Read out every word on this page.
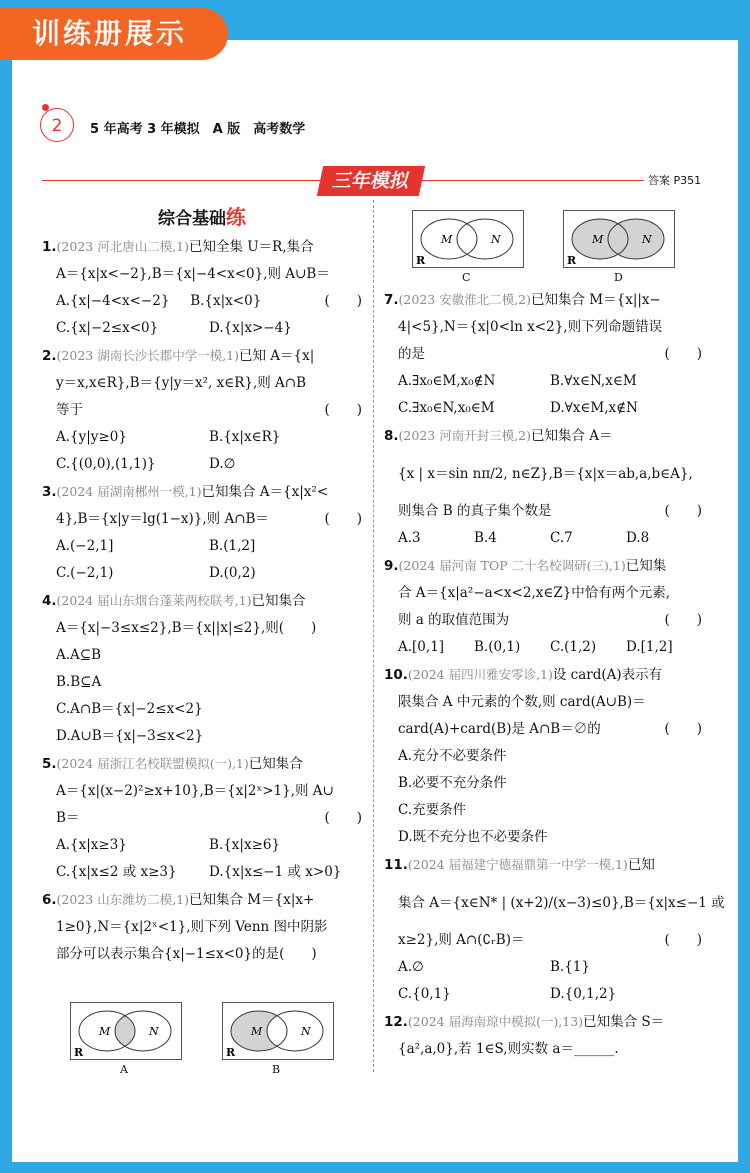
训练册展示
2	5 年高考 3 年模拟　A 版　高考数学
三年模拟	答案 P351
综合基础练
1.(2023 河北唐山二模,1)已知全集 U＝R,集合
A＝{x|x<−2},B＝{x|−4<x<0},则 A∪B＝
(　　)
A.{x|−4<x<−2}	B.{x|x<0}
C.{x|−2≤x<0}	D.{x|x>−4}
2.(2023 湖南长沙长郡中学一模,1)已知 A＝{x|
y＝x,x∈R},B＝{y|y＝x², x∈R},则 A∩B
等于	(　　)
A.{y|y≥0}	B.{x|x∈R}
C.{(0,0),(1,1)}	D.∅
3.(2024 届湖南郴州一模,1)已知集合 A＝{x|x²<
4},B＝{x|y＝lg(1−x)},则 A∩B＝	(　　)
A.(−2,1]	B.(1,2]
C.(−2,1)	D.(0,2)
4.(2024 届山东烟台蓬莱两校联考,1)已知集合
A＝{x|−3≤x≤2},B＝{x||x|≤2},则(　　)
A.A⊆B
B.B⊆A
C.A∩B＝{x|−2≤x<2}
D.A∪B＝{x|−3≤x<2}
5.(2024 届浙江名校联盟模拟(一),1)已知集合
A＝{x|(x−2)²≥x+10},B＝{x|2ˣ>1},则 A∪
B＝	(　　)
A.{x|x≥3}	B.{x|x≥6}
C.{x|x≤2 或 x≥3}	D.{x|x≤−1 或 x>0}
6.(2023 山东潍坊二模,1)已知集合 M＝{x|x+
1≥0},N＝{x|2ˣ<1},则下列 Venn 图中阴影
部分可以表示集合{x|−1≤x<0}的是(　　)
7.(2023 安徽淮北二模,2)已知集合 M＝{x||x−
4|<5},N＝{x|0<ln x<2},则下列命题错误
的是	(　　)
A.∃x₀∈M,x₀∉N	B.∀x∈N,x∈M
C.∃x₀∈N,x₀∈M	D.∀x∈M,x∉N
8.(2023 河南开封三模,2)已知集合 A＝
{x | x＝sin nπ/2, n∈Z},B＝{x|x＝ab,a,b∈A},
则集合 B 的真子集个数是	(　　)
A.3	B.4	C.7	D.8
9.(2024 届河南 TOP 二十名校调研(三),1)已知集
合 A＝{x|a²−a<x<2,x∈Z}中恰有两个元素,
则 a 的取值范围为	(　　)
A.[0,1]	B.(0,1)	C.(1,2)	D.[1,2]
10.(2024 届四川雅安零诊,1)设 card(A)表示有
限集合 A 中元素的个数,则 card(A∪B)＝
card(A)+card(B)是 A∩B＝∅的	(　　)
A.充分不必要条件
B.必要不充分条件
C.充要条件
D.既不充分也不必要条件
11.(2024 届福建宁德福鼎第一中学一模,1)已知
集合 A＝{x∈N* | (x+2)/(x−3)≤0},B＝{x|x≤−1 或
x≥2},则 A∩(∁ᵣB)＝	(　　)
A.∅	B.{1}
C.{0,1}	D.{0,1,2}
12.(2024 届海南琼中模拟(一),13)已知集合 S＝
{a²,a,0},若 1∈S,则实数 a＝______.
M	N
R
A
M	N
R
B
M	N
R
C
M	N
R
D
